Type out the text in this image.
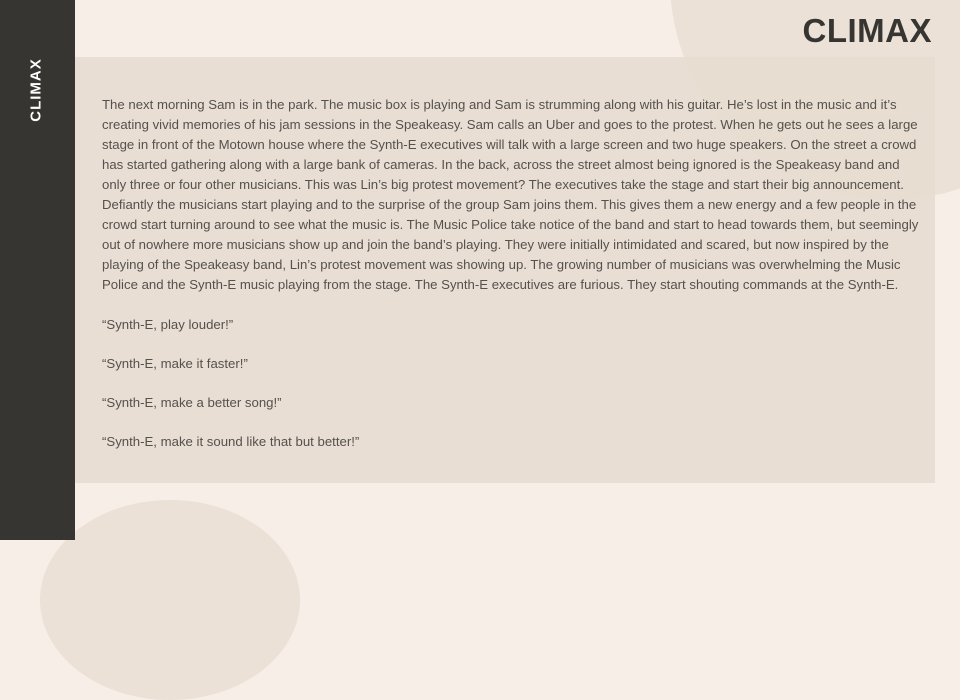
CLIMAX
CLIMAX

The next morning Sam is in the park. The music box is playing and Sam is strumming along with his guitar. He’s lost in the music and it’s creating vivid memories of his jam sessions in the Speakeasy. Sam calls an Uber and goes to the protest. When he gets out he sees a large stage in front of the Motown house where the Synth-E executives will talk with a large screen and two huge speakers. On the street a crowd has started gathering along with a large bank of cameras. In the back, across the street almost being ignored is the Speakeasy band and only three or four other musicians. This was Lin’s big protest movement? The executives take the stage and start their big announcement. Defiantly the musicians start playing and to the surprise of the group Sam joins them. This gives them a new energy and a few people in the crowd start turning around to see what the music is. The Music Police take notice of the band and start to head towards them, but seemingly out of nowhere more musicians show up and join the band’s playing. They were initially intimidated and scared, but now inspired by the playing of the Speakeasy band, Lin’s protest movement was showing up. The growing number of musicians was overwhelming the Music Police and the Synth-E music playing from the stage. The Synth-E executives are furious. They start shouting commands at the Synth-E.

“Synth-E, play louder!”

“Synth-E, make it faster!”

“Synth-E, make a better song!”

“Synth-E, make it sound like that but better!”
